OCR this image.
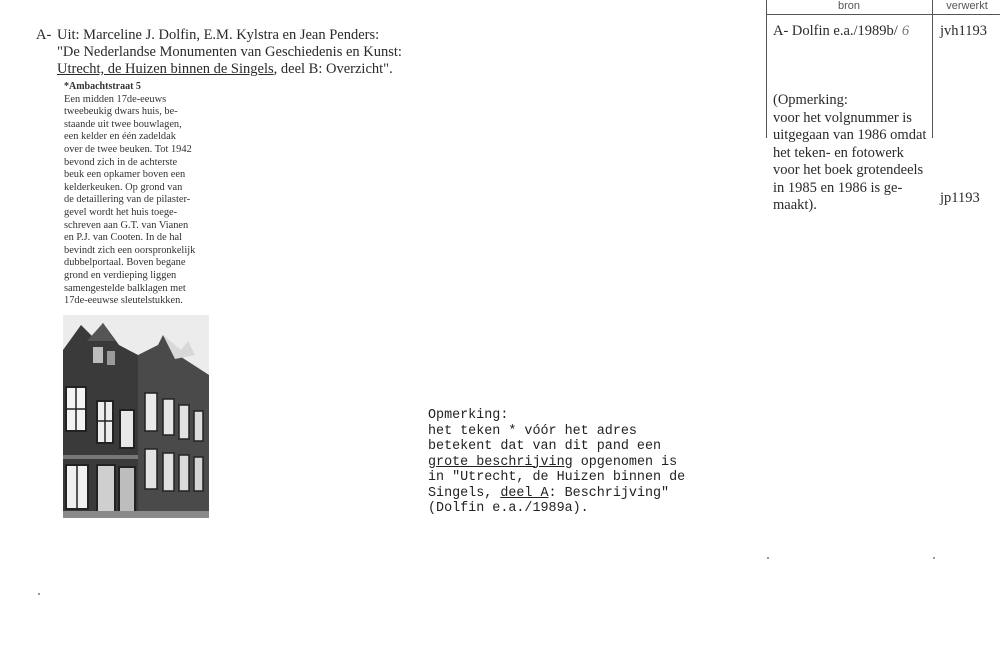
A- Uit: Marceline J. Dolfin, E.M. Kylstra en Jean Penders:
"De Nederlandse Monumenten van Geschiedenis en Kunst:
Utrecht, de Huizen binnen de Singels, deel B: Overzicht".
*Ambachtstraat 5
Een midden 17de-eeuws
tweebeukig dwars huis, be-
staande uit twee bouwlagen,
een kelder en één zadeldak
over de twee beuken. Tot 1942
bevond zich in de achterste
beuk een opkamer boven een
kelderkeuken. Op grond van
de detaillering van de pilaster-
gevel wordt het huis toege-
schreven aan G.T. van Vianen
en P.J. van Cooten. In de hal
bevindt zich een oorspronkelijk
dubbelportaal. Boven begane
grond en verdieping liggen
samengestelde balklagen met
17de-eeuwse sleutelstukken.
bron	verwerkt
A- Dolfin e.a./1989b/ 6 jvh1193
jp1193
(Opmerking:
voor het volgnummer is
uitgegaan van 1986 omdat
het teken- en fotowerk
voor het boek grotendeels
in 1985 en 1986 is ge-
maakt).
Opmerking:
het teken * vóór het adres
betekent dat van dit pand een
grote beschrijving opgenomen is
in "Utrecht, de Huizen binnen de
Singels, deel A: Beschrijving"
(Dolfin e.a./1989a).
